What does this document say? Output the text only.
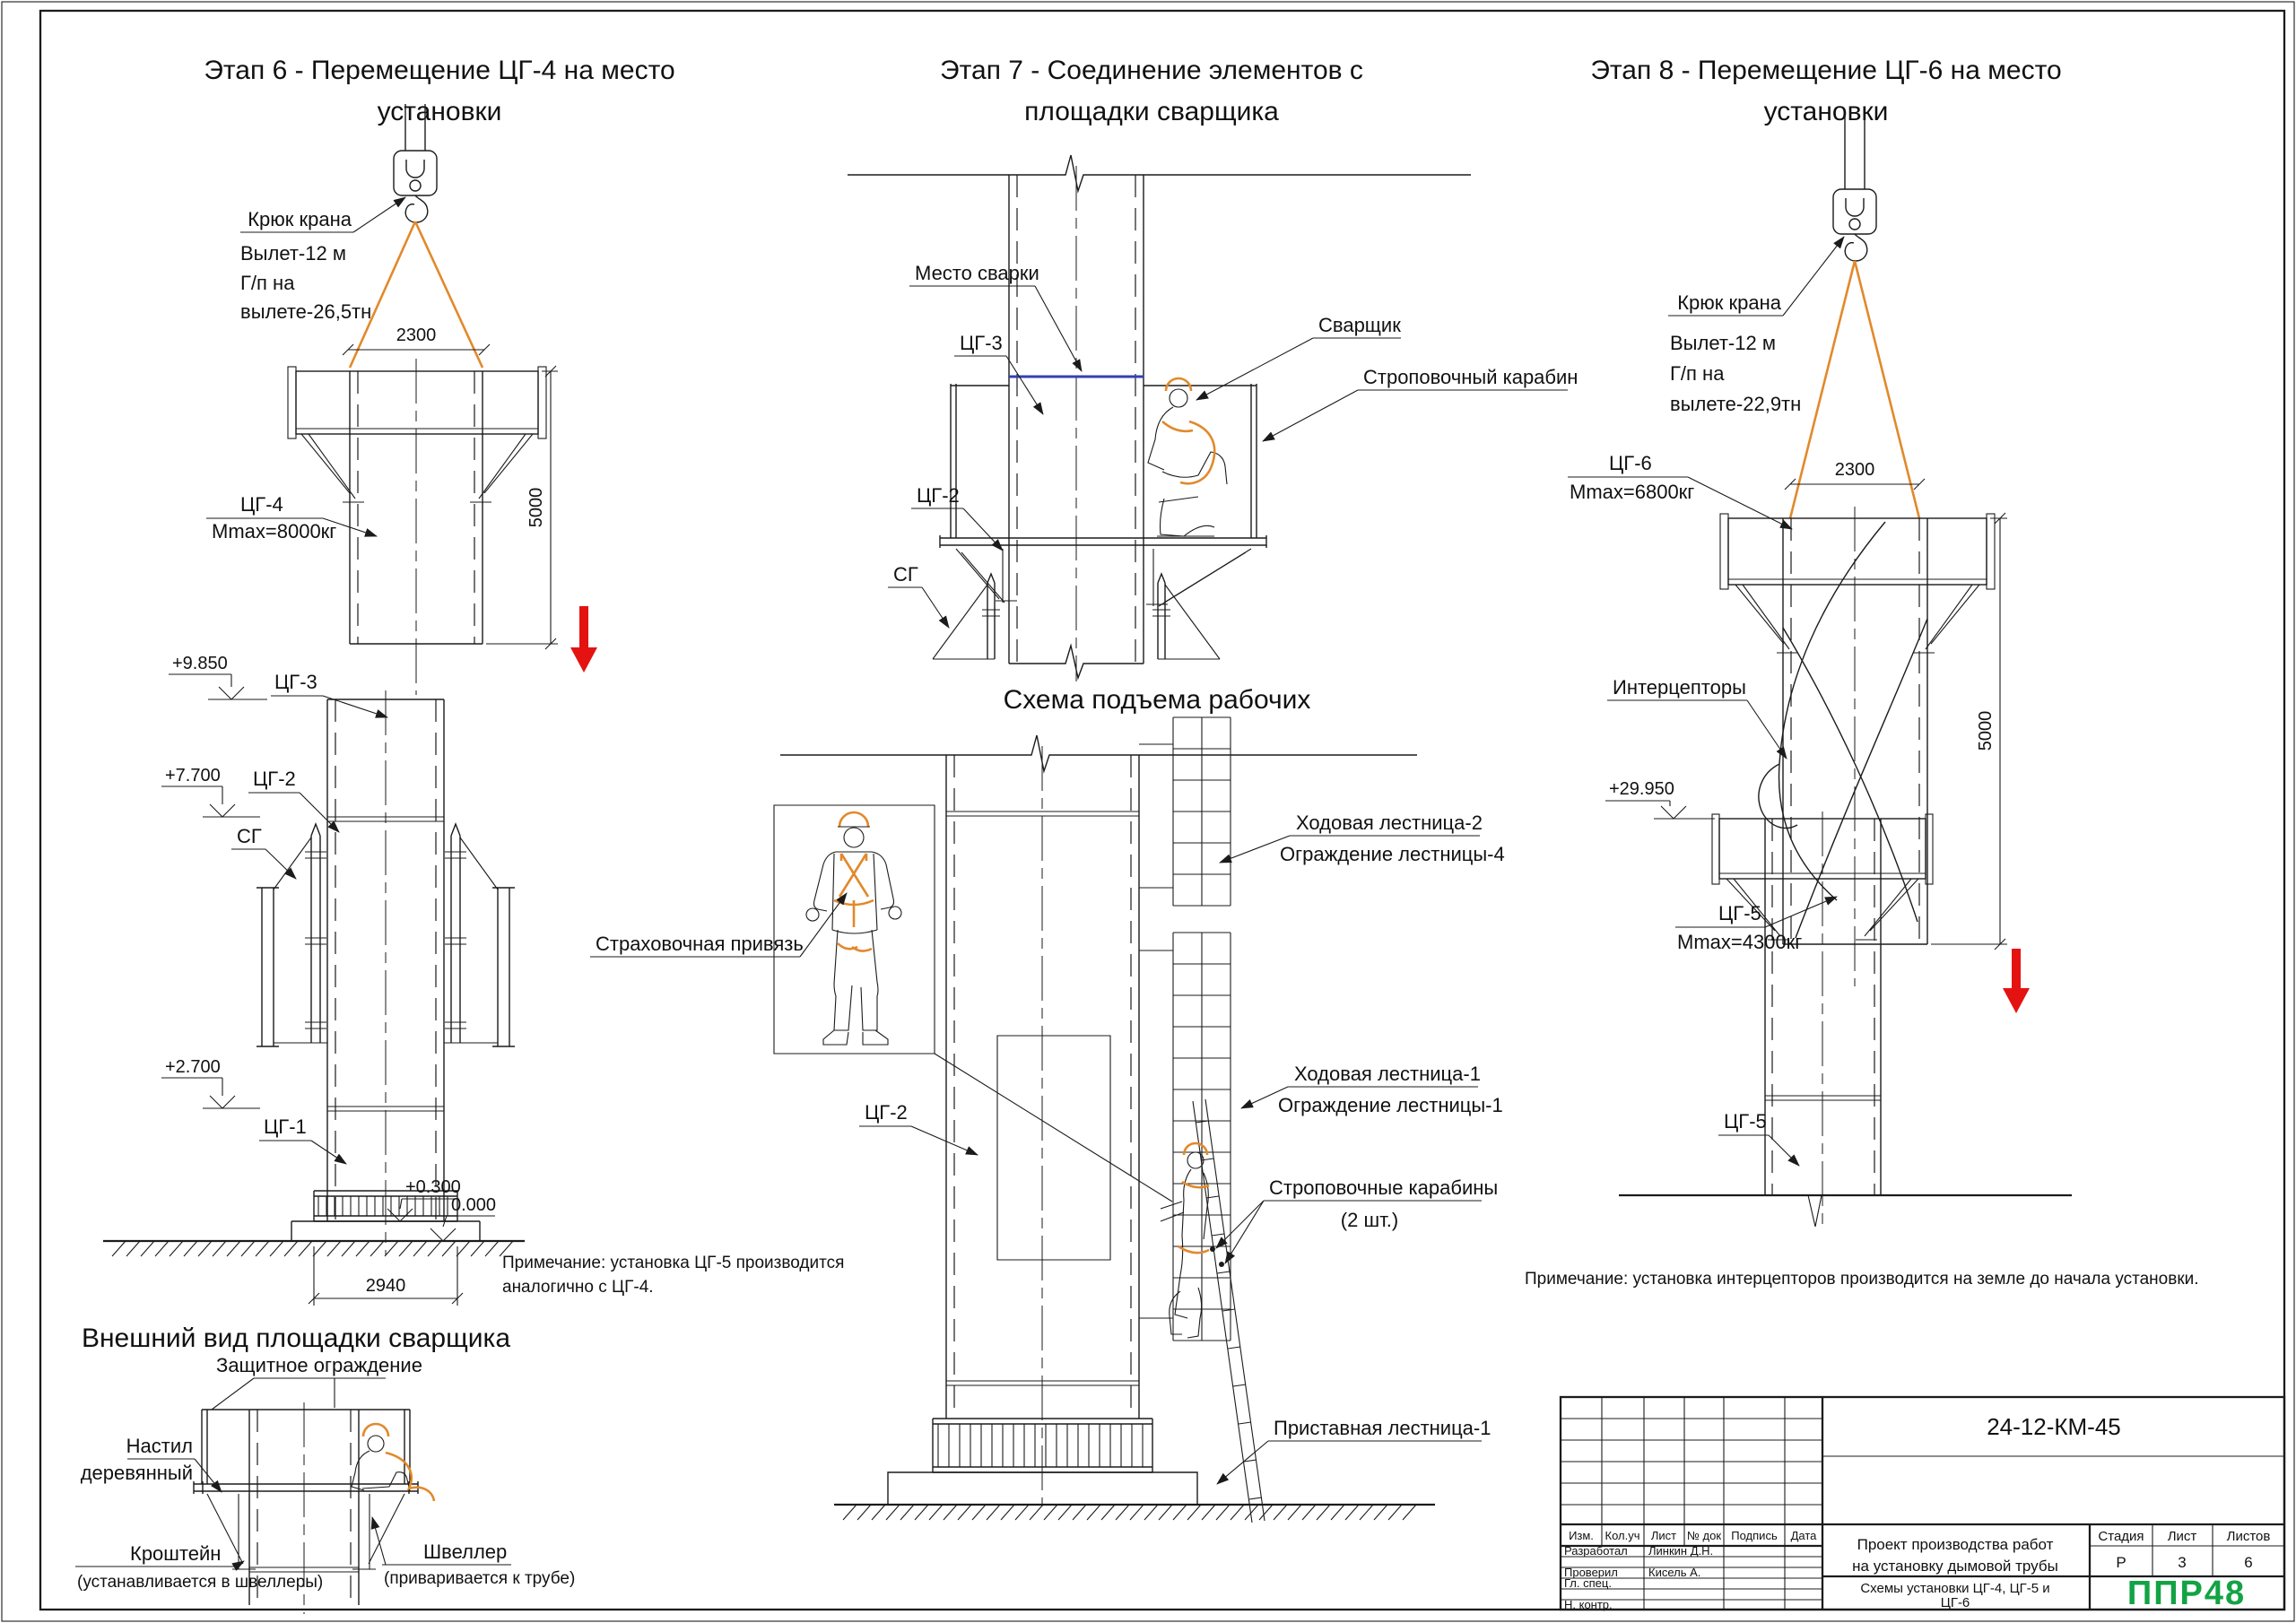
Этап 6 - Перемещение ЦГ-4 на место
установки
Крюк крана
Вылет-12 м
Г/п на
вылете-26,5тн
2300
5000
ЦГ-4
Mmax=8000кг
+9.850
ЦГ-3
+7.700 ЦГ-2
СГ
+2.700
ЦГ-1
+0.300
0.000
2940
Примечание: установка ЦГ-5 производится
аналогично с ЦГ-4.
Внешний вид площадки сварщика
Защитное ограждение
Настил
деревянный
Кроштейн
(устанавливается в швеллеры)
Швеллер
(приваривается к трубе)
Этап 7 - Соединение элементов с
площадки сварщика
Место сварки
ЦГ-3
Сварщик
Строповочный карабин
ЦГ-2
СГ
Схема подъема рабочих
Страховочная привязь
ЦГ-2
Ходовая лестница-2
Ограждение лестницы-4
Ходовая лестница-1
Ограждение лестницы-1
Строповочные карабины
(2 шт.)
Приставная лестница-1
Этап 8 - Перемещение ЦГ-6 на место
установки
Крюк крана
Вылет-12 м
Г/п на
вылете-22,9тн
2300
ЦГ-6
Mmax=6800кг
Интерцепторы
5000
+29.950
ЦГ-5
Mmax=4300кг
ЦГ-5
Примечание: установка интерцепторов производится на земле до начала установки.
Изм. Кол.уч Лист № док Подпись Дата
Разработал Линкин Д.Н.
Проверил	Кисель А.
Гл. спец.
Н. контр.
24-12-КМ-45
Проект производства работ
на установку дымовой трубы
Стадия Лист Листов
Р	3	6
Схемы установки ЦГ-4, ЦГ-5 и
ЦГ-6	ППР48
